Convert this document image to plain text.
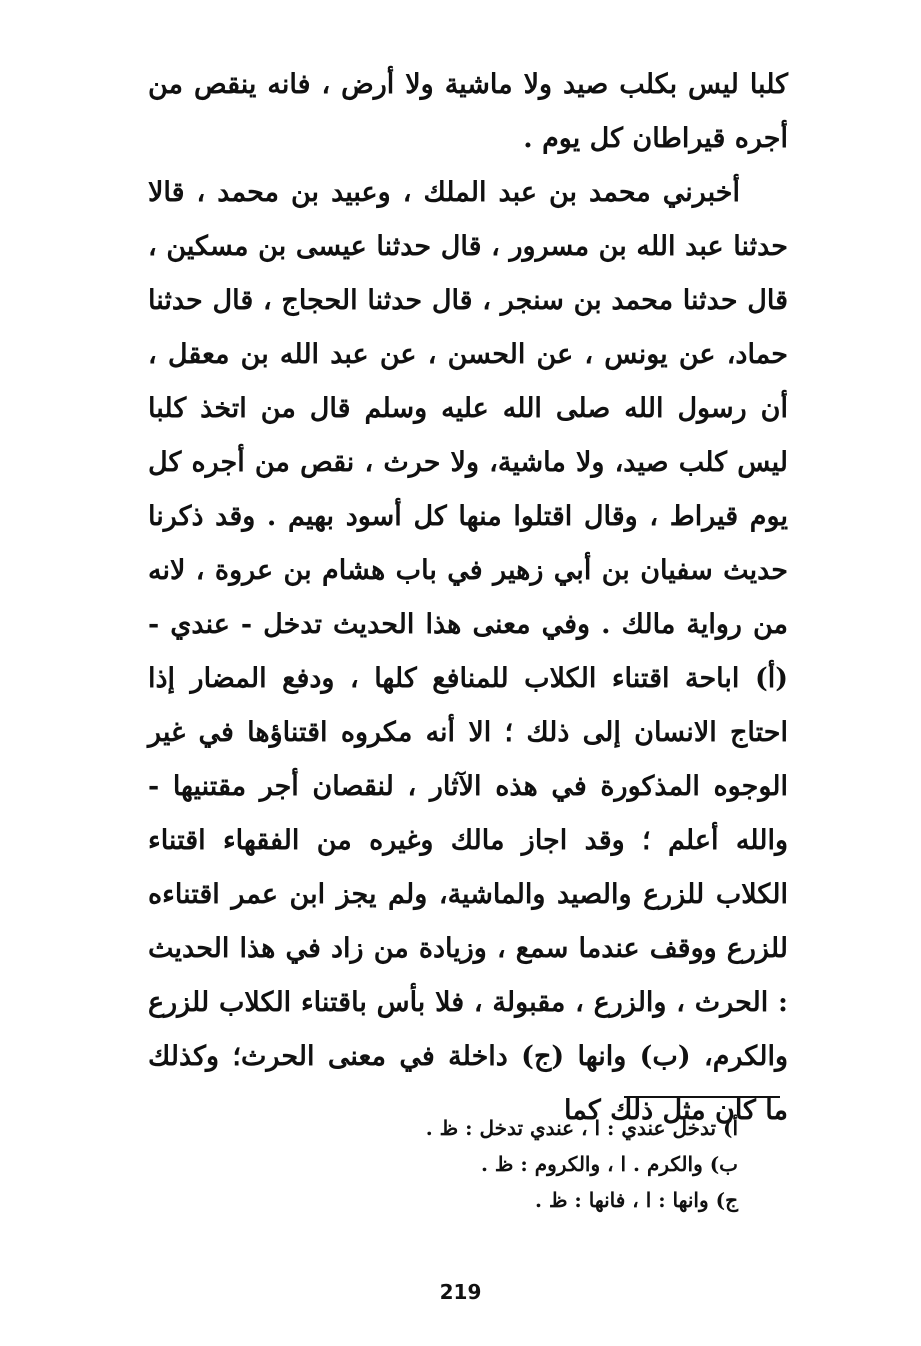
كلبا ليس بكلب صيد ولا ماشية ولا أرض ، فانه ينقص من أجره قيراطان كل يوم .

أخبرني محمد بن عبد الملك ، وعبيد بن محمد ، قالا حدثنا عبد الله بن مسرور ، قال حدثنا عيسى بن مسكين ، قال حدثنا محمد بن سنجر ، قال حدثنا الحجاج ، قال حدثنا حماد، عن يونس ، عن الحسن ، عن عبد الله بن معقل ، أن رسول الله صلى الله عليه وسلم قال من اتخذ كلبا ليس كلب صيد، ولا ماشية، ولا حرث ، نقص من أجره كل يوم قيراط ، وقال اقتلوا منها كل أسود بهيم . وقد ذكرنا حديث سفيان بن أبي زهير في باب هشام بن عروة ، لانه من رواية مالك . وفي معنى هذا الحديث تدخل - عندي - (أ) اباحة اقتناء الكلاب للمنافع كلها ، ودفع المضار إذا احتاج الانسان إلى ذلك ؛ الا أنه مكروه اقتناؤها في غير الوجوه المذكورة في هذه الآثار ، لنقصان أجر مقتنيها - والله أعلم ؛ وقد اجاز مالك وغيره من الفقهاء اقتناء الكلاب للزرع والصيد والماشية، ولم يجز ابن عمر اقتناءه للزرع ووقف عندما سمع ، وزيادة من زاد في هذا الحديث : الحرث ، والزرع ، مقبولة ، فلا بأس باقتناء الكلاب للزرع والكرم، (ب) وانها (ج) داخلة في معنى الحرث؛ وكذلك ما كان مثل ذلك كما

أ) تدخل عندي : ا ، عندي تدخل : ظ .
ب) والكرم . ا ، والكروم : ظ .
ج) وانها : ا ، فانها : ظ .
219
